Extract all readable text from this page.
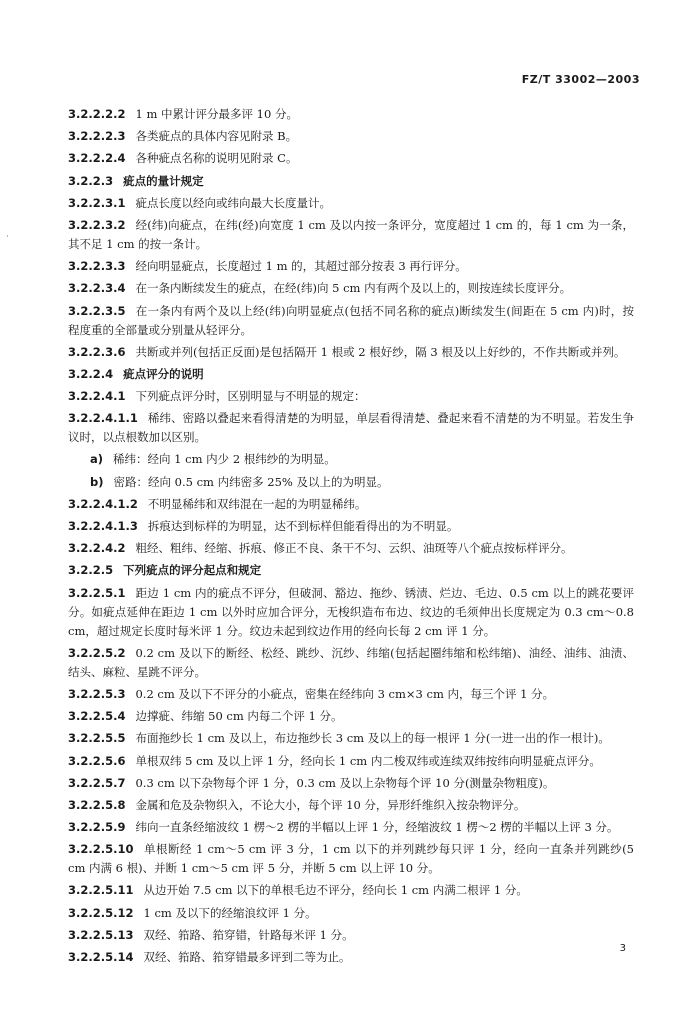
FZ/T 33002—2003
·
3.2.2.2.2 1 m 中累计评分最多评 10 分。
3.2.2.2.3 各类疵点的具体内容见附录 B。
3.2.2.2.4 各种疵点名称的说明见附录 C。
3.2.2.3 疵点的量计规定
3.2.2.3.1 疵点长度以经向或纬向最大长度量计。
3.2.2.3.2 经(纬)向疵点，在纬(经)向宽度 1 cm 及以内按一条评分，宽度超过 1 cm 的，每 1 cm 为一条，其不足 1 cm 的按一条计。
3.2.2.3.3 经向明显疵点，长度超过 1 m 的，其超过部分按表 3 再行评分。
3.2.2.3.4 在一条内断续发生的疵点，在经(纬)向 5 cm 内有两个及以上的，则按连续长度评分。
3.2.2.3.5 在一条内有两个及以上经(纬)向明显疵点(包括不同名称的疵点)断续发生(间距在 5 cm 内)时，按程度重的全部量或分别量从轻评分。
3.2.2.3.6 共断或并列(包括正反面)是包括隔开 1 根或 2 根好纱，隔 3 根及以上好纱的，不作共断或并列。
3.2.2.4 疵点评分的说明
3.2.2.4.1 下列疵点评分时，区别明显与不明显的规定：
3.2.2.4.1.1 稀纬、密路以叠起来看得清楚的为明显，单层看得清楚、叠起来看不清楚的为不明显。若发生争议时，以点根数加以区别。
a) 稀纬：经向 1 cm 内少 2 根纬纱的为明显。
b) 密路：经向 0.5 cm 内纬密多 25% 及以上的为明显。
3.2.2.4.1.2 不明显稀纬和双纬混在一起的为明显稀纬。
3.2.2.4.1.3 拆痕达到标样的为明显，达不到标样但能看得出的为不明显。
3.2.2.4.2 粗经、粗纬、经缩、拆痕、修正不良、条干不匀、云织、油斑等八个疵点按标样评分。
3.2.2.5 下列疵点的评分起点和规定
3.2.2.5.1 距边 1 cm 内的疵点不评分，但破洞、豁边、拖纱、锈渍、烂边、毛边、0.5 cm 以上的跳花要评分。如疵点延伸在距边 1 cm 以外时应加合评分，无梭织造布布边、纹边的毛须伸出长度规定为 0.3 cm～0.8 cm，超过规定长度时每米评 1 分。纹边未起到纹边作用的经向长每 2 cm 评 1 分。
3.2.2.5.2 0.2 cm 及以下的断经、松经、跳纱、沉纱、纬缩(包括起圈纬缩和松纬缩)、油经、油纬、油渍、结头、麻粒、星跳不评分。
3.2.2.5.3 0.2 cm 及以下不评分的小疵点，密集在经纬向 3 cm×3 cm 内，每三个评 1 分。
3.2.2.5.4 边撑疵、纬缩 50 cm 内每二个评 1 分。
3.2.2.5.5 布面拖纱长 1 cm 及以上，布边拖纱长 3 cm 及以上的每一根评 1 分(一进一出的作一根计)。
3.2.2.5.6 单根双纬 5 cm 及以上评 1 分，经向长 1 cm 内二梭双纬或连续双纬按纬向明显疵点评分。
3.2.2.5.7 0.3 cm 以下杂物每个评 1 分，0.3 cm 及以上杂物每个评 10 分(测量杂物粗度)。
3.2.2.5.8 金属和危及杂物织入，不论大小，每个评 10 分，异形纤维织入按杂物评分。
3.2.2.5.9 纬向一直条经缩波纹 1 楞～2 楞的半幅以上评 1 分，经缩波纹 1 楞～2 楞的半幅以上评 3 分。
3.2.2.5.10 单根断经 1 cm～5 cm 评 3 分，1 cm 以下的并列跳纱每只评 1 分，经向一直条并列跳纱(5 cm 内满 6 根)、并断 1 cm～5 cm 评 5 分，并断 5 cm 以上评 10 分。
3.2.2.5.11 从边开始 7.5 cm 以下的单根毛边不评分，经向长 1 cm 内满二根评 1 分。
3.2.2.5.12 1 cm 及以下的经缩浪纹评 1 分。
3.2.2.5.13 双经、筘路、筘穿错，针路每米评 1 分。
3.2.2.5.14 双经、筘路、筘穿错最多评到二等为止。
3
